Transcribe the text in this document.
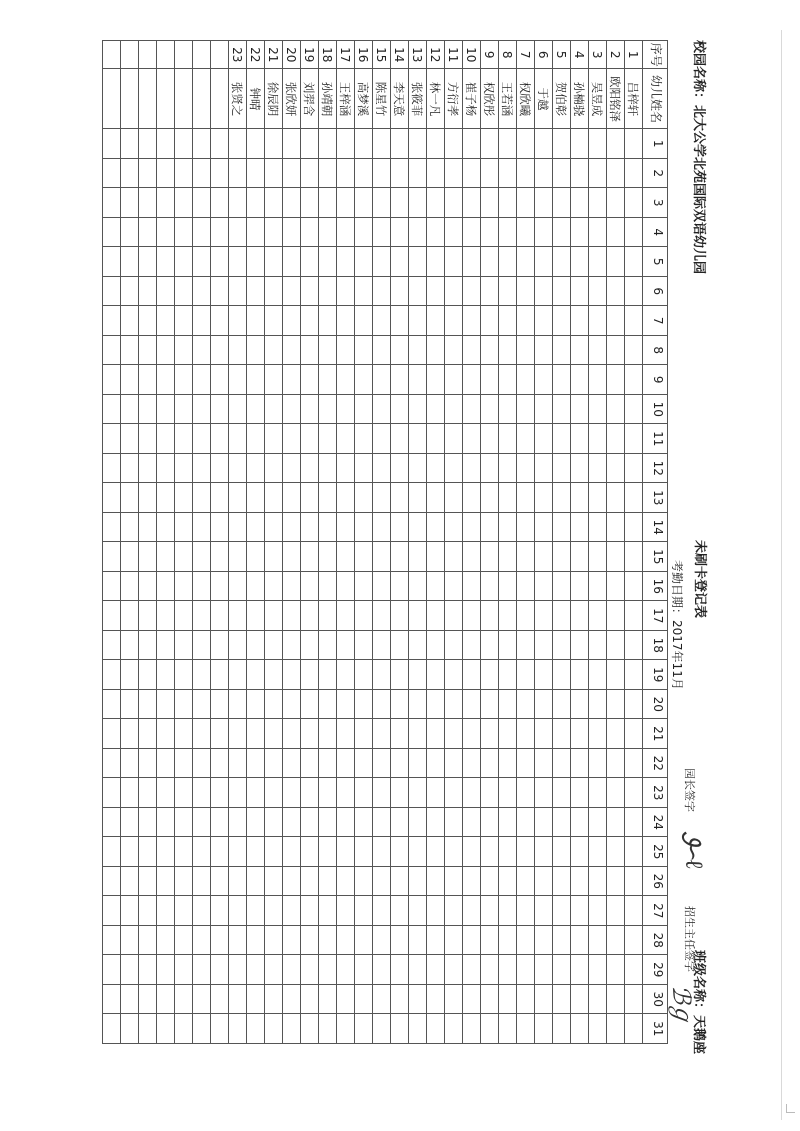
校园名称：北大公学北苑国际双语幼儿园
未刷卡登记表
考勤日期：2017年11月
园长签字
Ꮽ∽ℓ
招生主任签字
ℬℊ
班级名称：天鹅座
序号	幼儿姓名	1	2	3	4	5	6	7	8	9	10	11	12	13	14	15	16	17	18	19	20	21	22	23	24	25	26	27	28	29	30	31
1	吕梓轩																															
2	欧阳铭泽																															
3	吴昱成																															
4	孙楠骁																															
5	贺伯彰																															
6	于越																															
7	权欣曦																															
8	王若涵																															
9	权欣彤																															
10	崔子杨																															
11	方衍孝																															
12	林一凡																															
13	张筱菲																															
14	李天意																															
15	陈星竹																															
16	高梦溪																															
17	王梓涵																															
18	孙靖朝																															
19	刘羿含																															
20	张欣妍																															
21	徐辰阴																															
22	钟晴																															
23	张贤之																															
